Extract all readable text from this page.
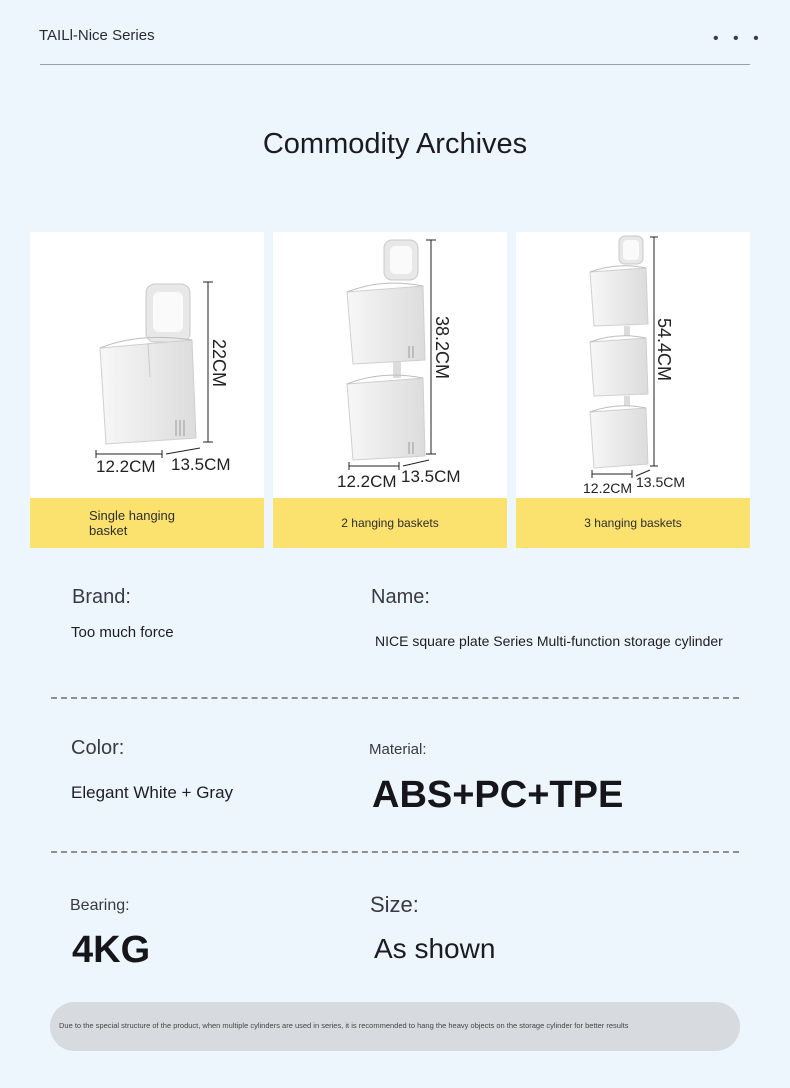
TAILl-Nice Series	• • •
Commodity Archives
22CM
12.2CM 13.5CM
Single hanging basket
38.2CM
12.2CM 13.5CM
2 hanging baskets
54.4CM
12.2CM 13.5CM
3 hanging baskets
Brand:
Too much force
Name:
NICE square plate Series Multi-function storage cylinder
Color:
Elegant White + Gray
Material:
ABS+PC+TPE
Bearing:
4KG
Size:
As shown
Due to the special structure of the product, when multiple cylinders are used in series, it is recommended to hang the heavy objects on the storage cylinder for better results
